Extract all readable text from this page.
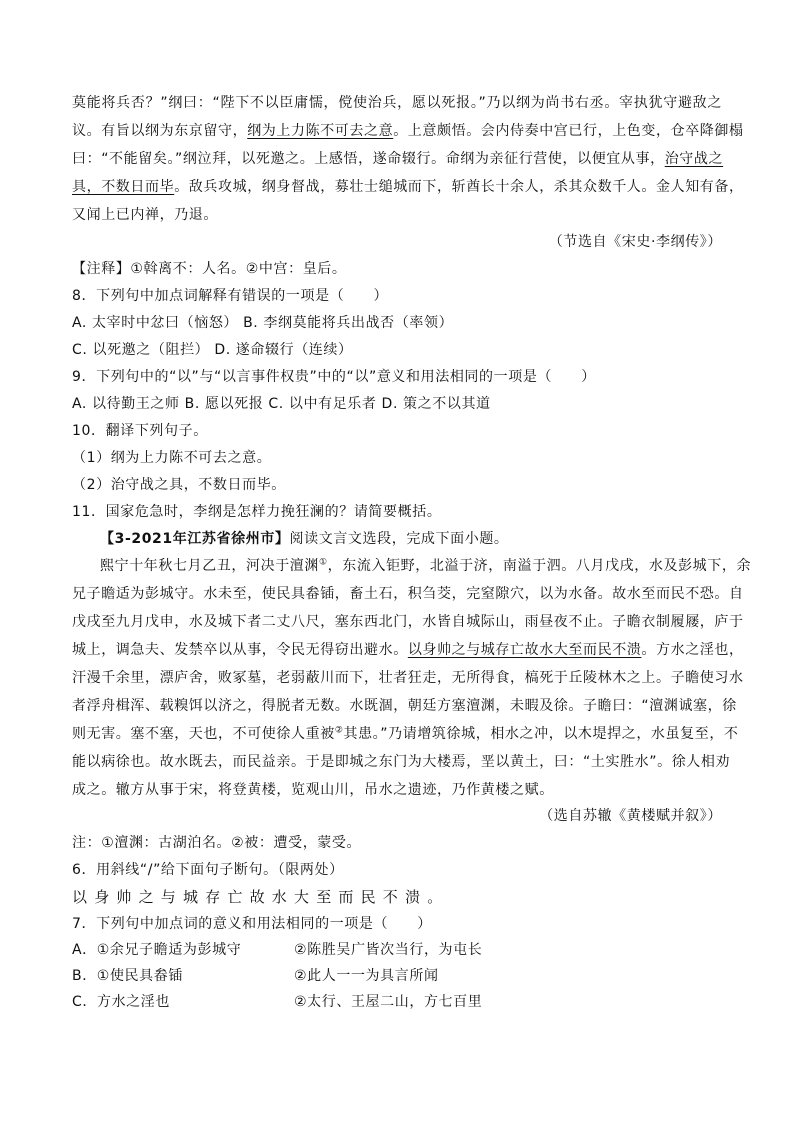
莫能将兵否？”纲曰：“陛下不以臣庸懦，傥使治兵，愿以死报。”乃以纲为尚书右丞。宰执犹守避敌之
议。有旨以纲为东京留守，纲为上力陈不可去之意。上意颇悟。会内侍奏中宫已行，上色变，仓卒降御榻
曰：“不能留矣。”纲泣拜，以死邀之。上感悟，遂命辍行。命纲为亲征行营使，以便宜从事，治守战之
具，不数日而毕。敌兵攻城，纲身督战，募壮士缒城而下，斩酋长十余人，杀其众数千人。金人知有备，
又闻上已内禅，乃退。
（节选自《宋史·李纲传》）
【注释】①斡离不：人名。②中宫：皇后。
8．下列句中加点词解释有错误的一项是（　　）
A. 太宰时中忿曰（恼怒） B. 李纲莫能将兵出战否（率领）
C. 以死邀之（阻拦） D. 遂命辍行（连续）
9．下列句中的“以”与“以言事件权贵”中的“以”意义和用法相同的一项是（　　）
A. 以待勤王之师 B. 愿以死报 C. 以中有足乐者 D. 策之不以其道
10．翻译下列句子。
（1）纲为上力陈不可去之意。
（2）治守战之具，不数日而毕。
11．国家危急时，李纲是怎样力挽狂澜的？请简要概括。
【3-2021年江苏省徐州市】阅读文言文选段，完成下面小题。
熙宁十年秋七月乙丑，河决于澶渊①，东流入钜野，北溢于济，南溢于泗。八月戊戌，水及彭城下，余
兄子瞻适为彭城守。水未至，使民具畚锸，畜土石，积刍茭，完窒隙穴，以为水备。故水至而民不恐。自
戊戌至九月戊申，水及城下者二丈八尺，塞东西北门，水皆自城际山，雨昼夜不止。子瞻衣制履屦，庐于
城上，调急夫、发禁卒以从事，令民无得窃出避水。以身帅之与城存亡故水大至而民不溃。方水之淫也，
汗漫千余里，漂庐舍，败冢墓，老弱蔽川而下，壮者狂走，无所得食，槁死于丘陵林木之上。子瞻使习水
者浮舟楫浑、载糗饵以济之，得脱者无数。水既涸，朝廷方塞澶渊，未暇及徐。子瞻曰：“澶渊诚塞，徐
则无害。塞不塞，天也，不可使徐人重被②其患。”乃请增筑徐城，相水之冲，以木堤捍之，水虽复至，不
能以病徐也。故水既去，而民益亲。于是即城之东门为大楼焉，垩以黄土，曰：“土实胜水”。徐人相劝
成之。辙方从事于宋，将登黄楼，览观山川，吊水之遗迹，乃作黄楼之赋。
（选自苏辙《黄楼赋并叙》）
注：①澶渊：古湖泊名。②被：遭受，蒙受。
6．用斜线“/”给下面句子断句。（限两处）
以身帅之与城存亡故水大至而民不溃。
7．下列句中加点词的意义和用法相同的一项是（　　）
A．①余兄子瞻适为彭城守	②陈胜吴广皆次当行，为屯长
B．①使民具畚锸	②此人一一为具言所闻
C．方水之淫也	②太行、王屋二山，方七百里
